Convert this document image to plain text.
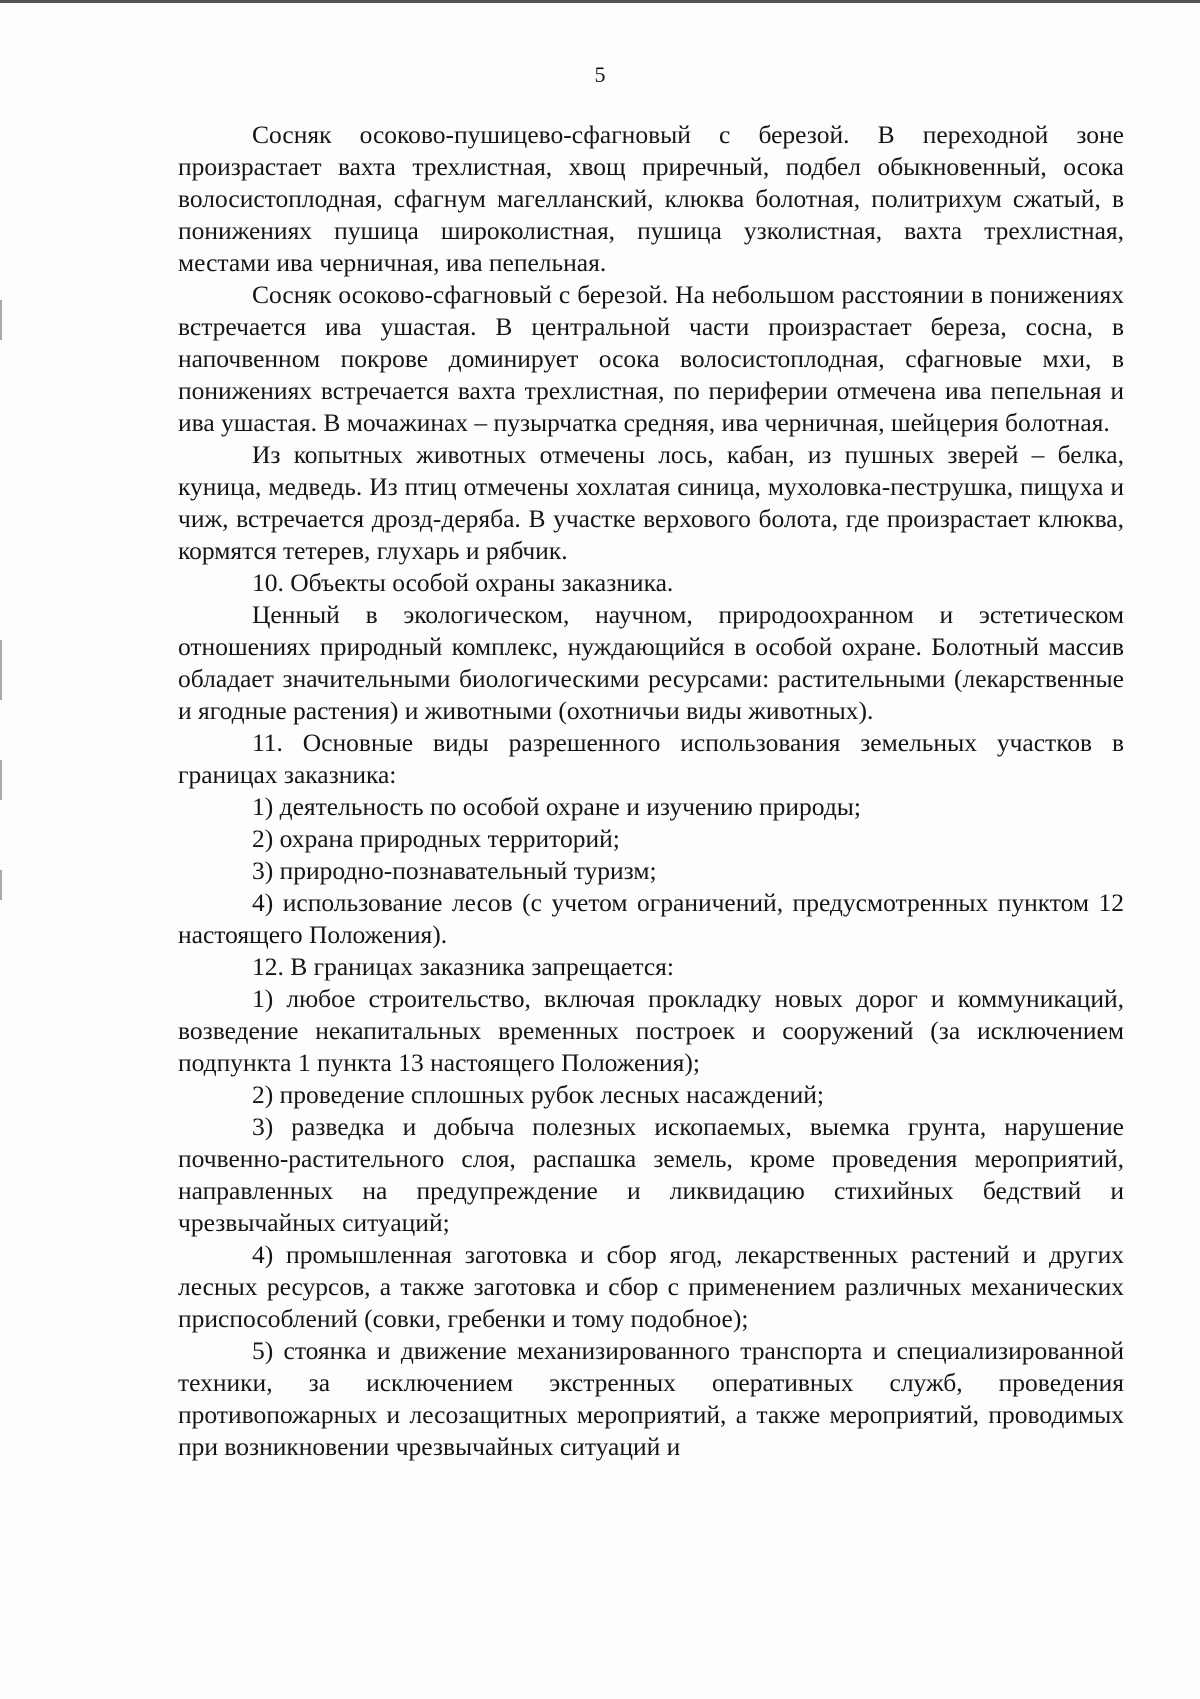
5

Сосняк осоково-пушицево-сфагновый с березой. В переходной зоне произрастает вахта трехлистная, хвощ приречный, подбел обыкновенный, осока волосистоплодная, сфагнум магелланский, клюква болотная, политрихум сжатый, в понижениях пушица широколистная, пушица узколистная, вахта трехлистная, местами ива черничная, ива пепельная.

Сосняк осоково-сфагновый с березой. На небольшом расстоянии в понижениях встречается ива ушастая. В центральной части произрастает береза, сосна, в напочвенном покрове доминирует осока волосистоплодная, сфагновые мхи, в понижениях встречается вахта трехлистная, по периферии отмечена ива пепельная и ива ушастая. В мочажинах – пузырчатка средняя, ива черничная, шейцерия болотная.

Из копытных животных отмечены лось, кабан, из пушных зверей – белка, куница, медведь. Из птиц отмечены хохлатая синица, мухоловка-пеструшка, пищуха и чиж, встречается дрозд-деряба. В участке верхового болота, где произрастает клюква, кормятся тетерев, глухарь и рябчик.

10. Объекты особой охраны заказника.

Ценный в экологическом, научном, природоохранном и эстетическом отношениях природный комплекс, нуждающийся в особой охране. Болотный массив обладает значительными биологическими ресурсами: растительными (лекарственные и ягодные растения) и животными (охотничьи виды животных).

11. Основные виды разрешенного использования земельных участков в границах заказника:

1) деятельность по особой охране и изучению природы;

2) охрана природных территорий;

3) природно-познавательный туризм;

4) использование лесов (с учетом ограничений, предусмотренных пунктом 12 настоящего Положения).

12. В границах заказника запрещается:

1) любое строительство, включая прокладку новых дорог и коммуникаций, возведение некапитальных временных построек и сооружений (за исключением подпункта 1 пункта 13 настоящего Положения);

2) проведение сплошных рубок лесных насаждений;

3) разведка и добыча полезных ископаемых, выемка грунта, нарушение почвенно-растительного слоя, распашка земель, кроме проведения мероприятий, направленных на предупреждение и ликвидацию стихийных бедствий и чрезвычайных ситуаций;

4) промышленная заготовка и сбор ягод, лекарственных растений и других лесных ресурсов, а также заготовка и сбор с применением различных механических приспособлений (совки, гребенки и тому подобное);

5) стоянка и движение механизированного транспорта и специализированной техники, за исключением экстренных оперативных служб, проведения противопожарных и лесозащитных мероприятий, а также мероприятий, проводимых при возникновении чрезвычайных ситуаций и
